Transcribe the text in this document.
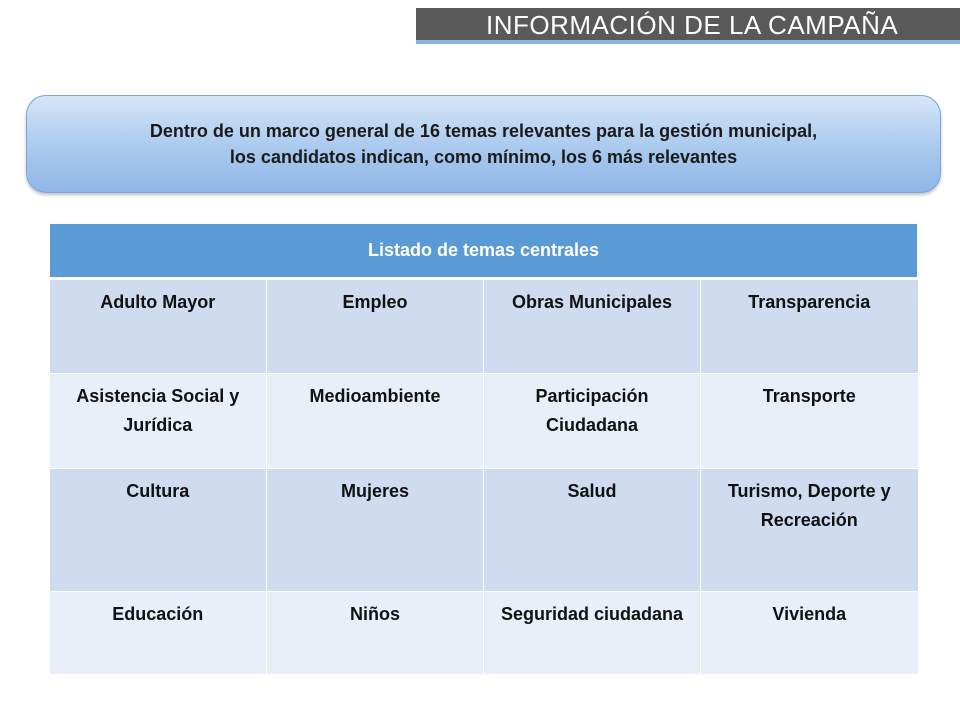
INFORMACIÓN DE LA CAMPAÑA
Dentro de un marco general de 16 temas relevantes para la gestión municipal,
los candidatos indican, como mínimo, los 6 más relevantes
Listado de temas centrales			
Adulto Mayor	Empleo	Obras Municipales	Transparencia
Asistencia Social y Jurídica	Medioambiente	Participación Ciudadana	Transporte
Cultura	Mujeres	Salud	Turismo, Deporte y Recreación
Educación	Niños	Seguridad ciudadana	Vivienda
